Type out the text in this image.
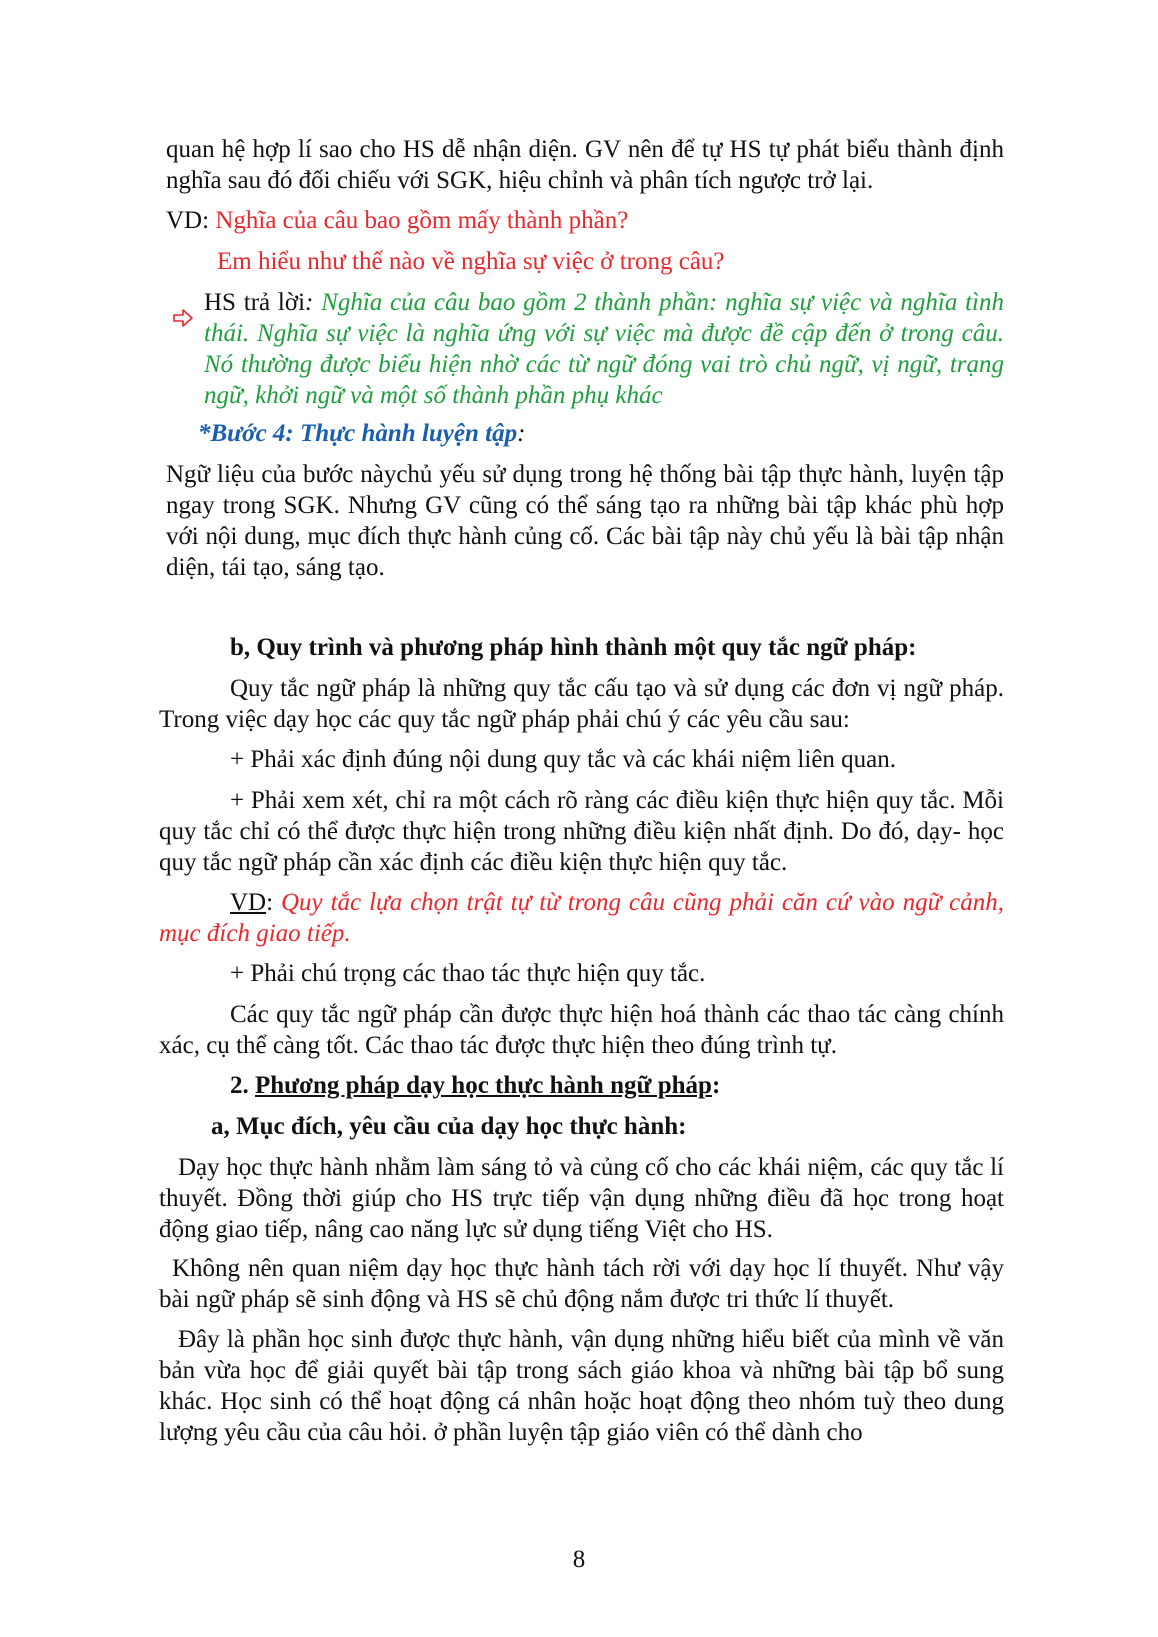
quan hệ hợp lí sao cho HS dễ nhận diện. GV nên để tự HS tự phát biểu thành định nghĩa sau đó đối chiếu với SGK, hiệu chỉnh và phân tích ngược trở lại.

VD: Nghĩa của câu bao gồm mấy thành phần?

Em hiểu như thế nào về nghĩa sự việc ở trong câu?

HS trả lời: Nghĩa của câu bao gồm 2 thành phần: nghĩa sự việc và nghĩa tình thái. Nghĩa sự việc là nghĩa ứng với sự việc mà được đề cập đến ở trong câu. Nó thường được biểu hiện nhờ các từ ngữ đóng vai trò chủ ngữ, vị ngữ, trạng ngữ, khởi ngữ và một số thành phần phụ khác

*Bước 4: Thực hành luyện tập:

Ngữ liệu của bước nàychủ yếu sử dụng trong hệ thống bài tập thực hành, luyện tập ngay trong SGK. Nhưng GV cũng có thể sáng tạo ra những bài tập khác phù hợp với nội dung, mục đích thực hành củng cố. Các bài tập này chủ yếu là bài tập nhận diện, tái tạo, sáng tạo.

b, Quy trình và phương pháp hình thành một quy tắc ngữ pháp:

Quy tắc ngữ pháp là những quy tắc cấu tạo và sử dụng các đơn vị ngữ pháp. Trong việc dạy học các quy tắc ngữ pháp phải chú ý các yêu cầu sau:

+ Phải xác định đúng nội dung quy tắc và các khái niệm liên quan.

+ Phải xem xét, chỉ ra một cách rõ ràng các điều kiện thực hiện quy tắc. Mỗi quy tắc chỉ có thể được thực hiện trong những điều kiện nhất định. Do đó, dạy- học quy tắc ngữ pháp cần xác định các điều kiện thực hiện quy tắc.

VD: Quy tắc lựa chọn trật tự từ trong câu cũng phải căn cứ vào ngữ cảnh, mục đích giao tiếp.

+ Phải chú trọng các thao tác thực hiện quy tắc.

Các quy tắc ngữ pháp cần được thực hiện hoá thành các thao tác càng chính xác, cụ thể càng tốt. Các thao tác được thực hiện theo đúng trình tự.

2. Phương pháp dạy học thực hành ngữ pháp:

a, Mục đích, yêu cầu của dạy học thực hành:

Dạy học thực hành nhằm làm sáng tỏ và củng cố cho các khái niệm, các quy tắc lí thuyết. Đồng thời giúp cho HS trực tiếp vận dụng những điều đã học trong hoạt động giao tiếp, nâng cao năng lực sử dụng tiếng Việt cho HS.

Không nên quan niệm dạy học thực hành tách rời với dạy học lí thuyết. Như vậy bài ngữ pháp sẽ sinh động và HS sẽ chủ động nắm được tri thức lí thuyết.

Đây là phần học sinh được thực hành, vận dụng những hiểu biết của mình về văn bản vừa học để giải quyết bài tập trong sách giáo khoa và những bài tập bổ sung khác. Học sinh có thể hoạt động cá nhân hoặc hoạt động theo nhóm tuỳ theo dung lượng yêu cầu của câu hỏi. ở phần luyện tập giáo viên có thể dành cho

8
